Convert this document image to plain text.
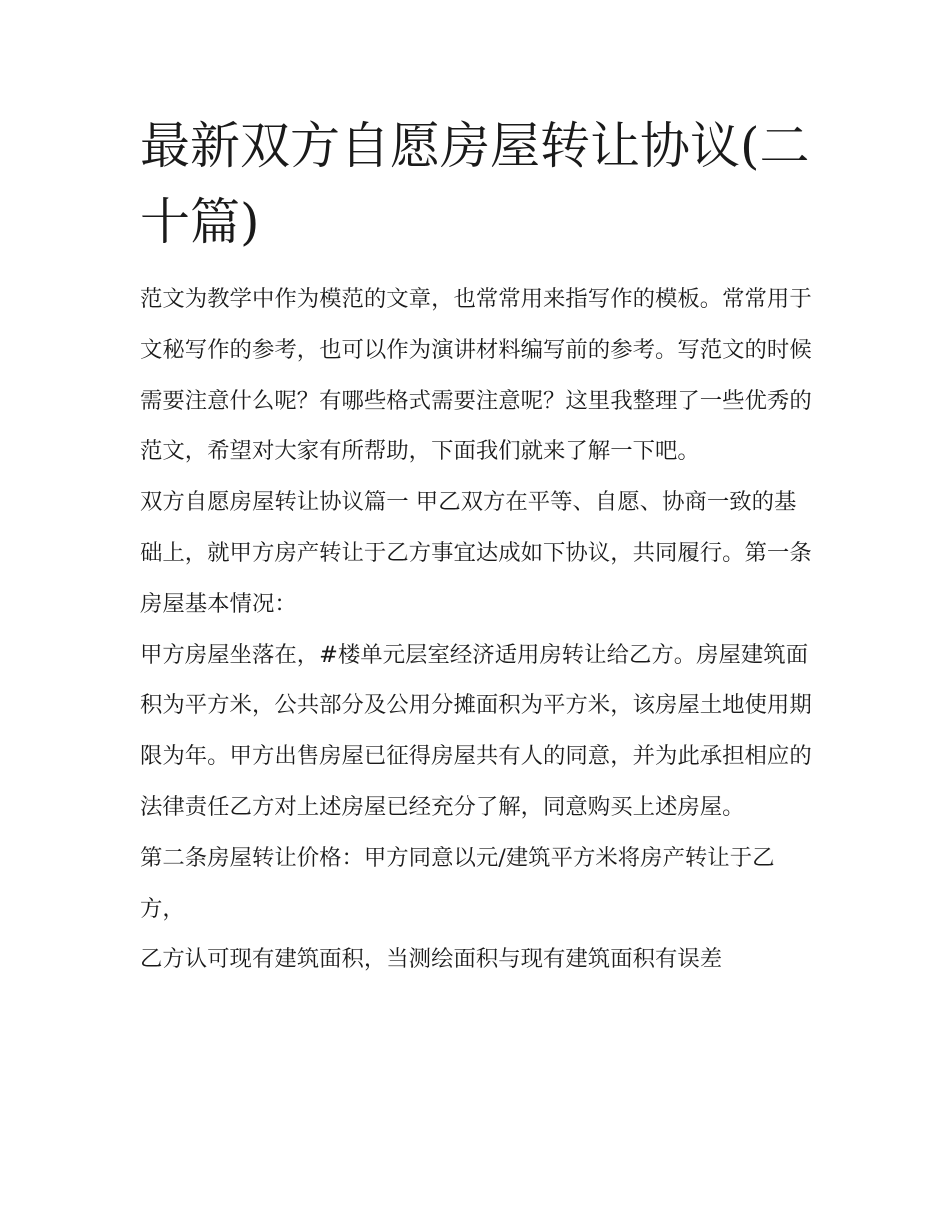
最新双方自愿房屋转让协议(二十篇)

范文为教学中作为模范的文章，也常常用来指写作的模板。常常用于文秘写作的参考，也可以作为演讲材料编写前的参考。写范文的时候需要注意什么呢？有哪些格式需要注意呢？这里我整理了一些优秀的范文，希望对大家有所帮助，下面我们就来了解一下吧。

双方自愿房屋转让协议篇一 甲乙双方在平等、自愿、协商一致的基础上，就甲方房产转让于乙方事宜达成如下协议，共同履行。第一条房屋基本情况：

甲方房屋坐落在，#楼单元层室经济适用房转让给乙方。房屋建筑面积为平方米，公共部分及公用分摊面积为平方米，该房屋土地使用期限为年。甲方出售房屋已征得房屋共有人的同意，并为此承担相应的法律责任乙方对上述房屋已经充分了解，同意购买上述房屋。

第二条房屋转让价格：甲方同意以元/建筑平方米将房产转让于乙方，

乙方认可现有建筑面积，当测绘面积与现有建筑面积有误差
